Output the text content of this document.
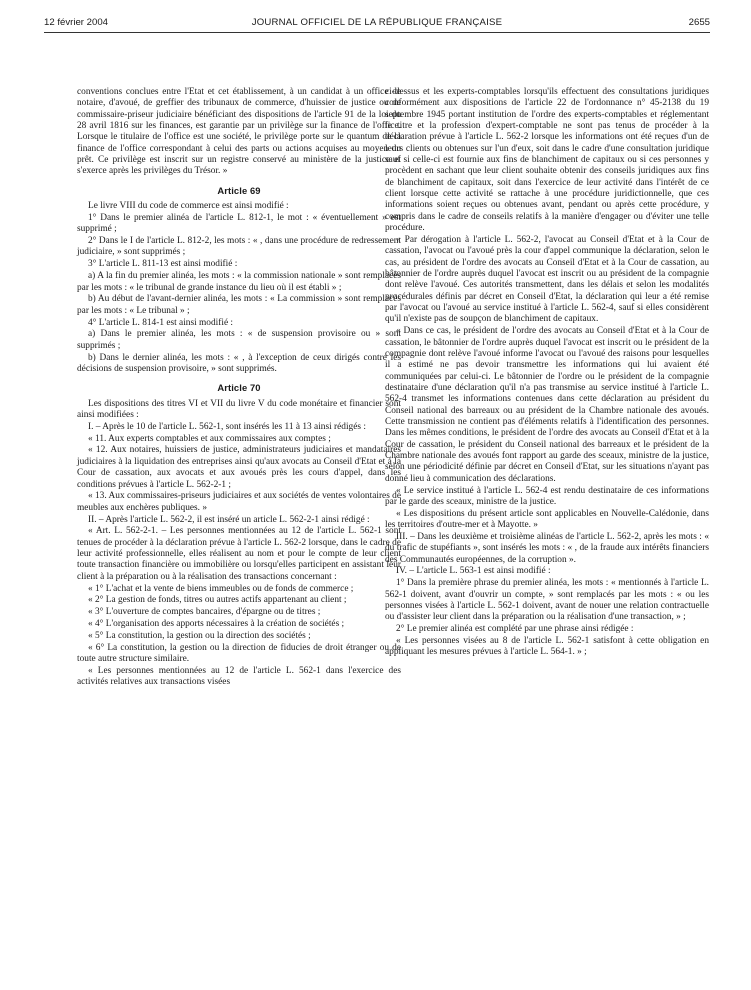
12 février 2004	JOURNAL OFFICIEL DE LA RÉPUBLIQUE FRANÇAISE	2655

conventions conclues entre l'Etat et cet établissement, à un candidat à un office de notaire, d'avoué, de greffier des tribunaux de commerce, d'huissier de justice ou de commissaire-priseur judiciaire bénéficiant des dispositions de l'article 91 de la loi du 28 avril 1816 sur les finances, est garantie par un privilège sur la finance de l'office. Lorsque le titulaire de l'office est une société, le privilège porte sur le quantum de la finance de l'office correspondant à celui des parts ou actions acquises au moyen du prêt. Ce privilège est inscrit sur un registre conservé au ministère de la justice et s'exerce après les privilèges du Trésor. »

Article 69

Le livre VIII du code de commerce est ainsi modifié :

1° Dans le premier alinéa de l'article L. 812-1, le mot : « éventuellement » est supprimé ;

2° Dans le I de l'article L. 812-2, les mots : « , dans une procédure de redressement judiciaire, » sont supprimés ;

3° L'article L. 811-13 est ainsi modifié :

a) A la fin du premier alinéa, les mots : « la commission nationale » sont remplacés par les mots : « le tribunal de grande instance du lieu où il est établi » ;

b) Au début de l'avant-dernier alinéa, les mots : « La commission » sont remplacés par les mots : « Le tribunal » ;

4° L'article L. 814-1 est ainsi modifié :

a) Dans le premier alinéa, les mots : « de suspension provisoire ou » sont supprimés ;

b) Dans le dernier alinéa, les mots : « , à l'exception de ceux dirigés contre les décisions de suspension provisoire, » sont supprimés.

Article 70

Les dispositions des titres VI et VII du livre V du code monétaire et financier sont ainsi modifiées :

I. – Après le 10 de l'article L. 562-1, sont insérés les 11 à 13 ainsi rédigés :

« 11. Aux experts comptables et aux commissaires aux comptes ;

« 12. Aux notaires, huissiers de justice, administrateurs judiciaires et mandataires judiciaires à la liquidation des entreprises ainsi qu'aux avocats au Conseil d'Etat et à la Cour de cassation, aux avocats et aux avoués près les cours d'appel, dans les conditions prévues à l'article L. 562-2-1 ;

« 13. Aux commissaires-priseurs judiciaires et aux sociétés de ventes volontaires de meubles aux enchères publiques. »

II. – Après l'article L. 562-2, il est inséré un article L. 562-2-1 ainsi rédigé :

« Art. L. 562-2-1. – Les personnes mentionnées au 12 de l'article L. 562-1 sont tenues de procéder à la déclaration prévue à l'article L. 562-2 lorsque, dans le cadre de leur activité professionnelle, elles réalisent au nom et pour le compte de leur client toute transaction financière ou immobilière ou lorsqu'elles participent en assistant leur client à la préparation ou à la réalisation des transactions concernant :

« 1° L'achat et la vente de biens immeubles ou de fonds de commerce ;

« 2° La gestion de fonds, titres ou autres actifs appartenant au client ;

« 3° L'ouverture de comptes bancaires, d'épargne ou de titres ;

« 4° L'organisation des apports nécessaires à la création de sociétés ;

« 5° La constitution, la gestion ou la direction des sociétés ;

« 6° La constitution, la gestion ou la direction de fiducies de droit étranger ou de toute autre structure similaire.

« Les personnes mentionnées au 12 de l'article L. 562-1 dans l'exercice des activités relatives aux transactions visées

ci-dessus et les experts-comptables lorsqu'ils effectuent des consultations juridiques conformément aux dispositions de l'article 22 de l'ordonnance n° 45-2138 du 19 septembre 1945 portant institution de l'ordre des experts-comptables et réglementant le titre et la profession d'expert-comptable ne sont pas tenus de procéder à la déclaration prévue à l'article L. 562-2 lorsque les informations ont été reçues d'un de leurs clients ou obtenues sur l'un d'eux, soit dans le cadre d'une consultation juridique sauf si celle-ci est fournie aux fins de blanchiment de capitaux ou si ces personnes y procèdent en sachant que leur client souhaite obtenir des conseils juridiques aux fins de blanchiment de capitaux, soit dans l'exercice de leur activité dans l'intérêt de ce client lorsque cette activité se rattache à une procédure juridictionnelle, que ces informations soient reçues ou obtenues avant, pendant ou après cette procédure, y compris dans le cadre de conseils relatifs à la manière d'engager ou d'éviter une telle procédure.

« Par dérogation à l'article L. 562-2, l'avocat au Conseil d'Etat et à la Cour de cassation, l'avocat ou l'avoué près la cour d'appel communique la déclaration, selon le cas, au président de l'ordre des avocats au Conseil d'Etat et à la Cour de cassation, au bâtonnier de l'ordre auprès duquel l'avocat est inscrit ou au président de la compagnie dont relève l'avoué. Ces autorités transmettent, dans les délais et selon les modalités procédurales définis par décret en Conseil d'Etat, la déclaration qui leur a été remise par l'avocat ou l'avoué au service institué à l'article L. 562-4, sauf si elles considèrent qu'il n'existe pas de soupçon de blanchiment de capitaux.

« Dans ce cas, le président de l'ordre des avocats au Conseil d'Etat et à la Cour de cassation, le bâtonnier de l'ordre auprès duquel l'avocat est inscrit ou le président de la compagnie dont relève l'avoué informe l'avocat ou l'avoué des raisons pour lesquelles il a estimé ne pas devoir transmettre les informations qui lui avaient été communiquées par celui-ci. Le bâtonnier de l'ordre ou le président de la compagnie destinataire d'une déclaration qu'il n'a pas transmise au service institué à l'article L. 562-4 transmet les informations contenues dans cette déclaration au président du Conseil national des barreaux ou au président de la Chambre nationale des avoués. Cette transmission ne contient pas d'éléments relatifs à l'identification des personnes. Dans les mêmes conditions, le président de l'ordre des avocats au Conseil d'Etat et à la Cour de cassation, le président du Conseil national des barreaux et le président de la Chambre nationale des avoués font rapport au garde des sceaux, ministre de la justice, selon une périodicité définie par décret en Conseil d'Etat, sur les situations n'ayant pas donné lieu à communication des déclarations.

« Le service institué à l'article L. 562-4 est rendu destinataire de ces informations par le garde des sceaux, ministre de la justice.

« Les dispositions du présent article sont applicables en Nouvelle-Calédonie, dans les territoires d'outre-mer et à Mayotte. »

III. – Dans les deuxième et troisième alinéas de l'article L. 562-2, après les mots : « du trafic de stupéfiants », sont insérés les mots : « , de la fraude aux intérêts financiers des Communautés européennes, de la corruption ».

IV. – L'article L. 563-1 est ainsi modifié :

1° Dans la première phrase du premier alinéa, les mots : « mentionnés à l'article L. 562-1 doivent, avant d'ouvrir un compte, » sont remplacés par les mots : « ou les personnes visées à l'article L. 562-1 doivent, avant de nouer une relation contractuelle ou d'assister leur client dans la préparation ou la réalisation d'une transaction, » ;

2° Le premier alinéa est complété par une phrase ainsi rédigée :

« Les personnes visées au 8 de l'article L. 562-1 satisfont à cette obligation en appliquant les mesures prévues à l'article L. 564-1. » ;
